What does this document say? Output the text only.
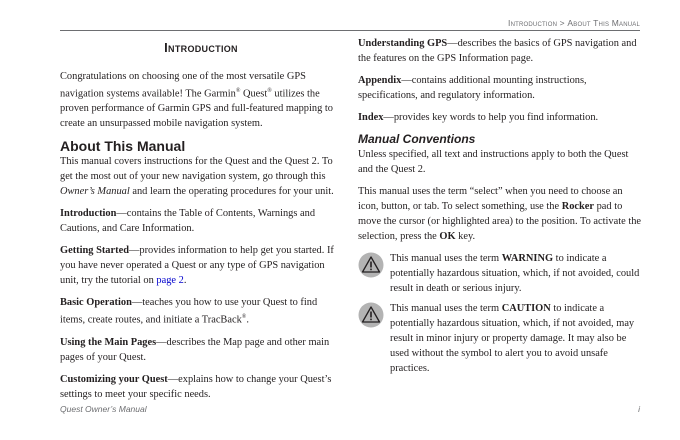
Introduction > About This Manual
Introduction

Congratulations on choosing one of the most versatile GPS navigation systems available! The Garmin® Quest® utilizes the proven performance of Garmin GPS and full-featured mapping to create an unsurpassed mobile navigation system.

About This Manual

This manual covers instructions for the Quest and the Quest 2. To get the most out of your new navigation system, go through this Owner’s Manual and learn the operating procedures for your unit.

Introduction—contains the Table of Contents, Warnings and Cautions, and Care Information.

Getting Started—provides information to help get you started. If you have never operated a Quest or any type of GPS navigation unit, try the tutorial on page 2.

Basic Operation—teaches you how to use your Quest to find items, create routes, and initiate a TracBack®.

Using the Main Pages—describes the Map page and other main pages of your Quest.

Customizing your Quest—explains how to change your Quest’s settings to meet your specific needs.

Understanding GPS—describes the basics of GPS navigation and the features on the GPS Information page.

Appendix—contains additional mounting instructions, specifications, and regulatory information.

Index—provides key words to help you find information.

Manual Conventions

Unless specified, all text and instructions apply to both the Quest and the Quest 2.

This manual uses the term “select” when you need to choose an icon, button, or tab. To select something, use the Rocker pad to move the cursor (or highlighted area) to the position. To activate the selection, press the OK key.

This manual uses the term WARNING to indicate a potentially hazardous situation, which, if not avoided, could result in death or serious injury.

This manual uses the term CAUTION to indicate a potentially hazardous situation, which, if not avoided, may result in minor injury or property damage. It may also be used without the symbol to alert you to avoid unsafe practices.

Quest Owner’s Manual	i
